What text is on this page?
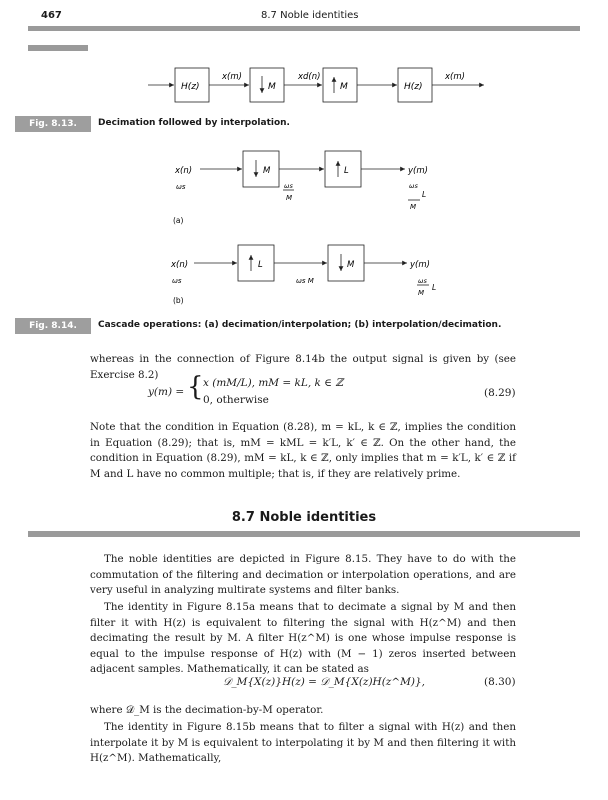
467	8.7 Noble identities
H(z)	M	M	H(z)
x(m)	xd(n)	x(m)
Fig. 8.13.	Decimation followed by interpolation.
x(n)	M	L	y(m)
ωs	ωs
M
ωs
L
M
(a)
x(n)	L	M	y(m)
ωs	ωs M	ωs
L
M
(b)
Fig. 8.14.	Cascade operations: (a) decimation/interpolation; (b) interpolation/decimation.

whereas in the connection of Figure 8.14b the output signal is given by (see Exercise 8.2)

y(m) = { x (mM/L), mM = kL, k ∈ ℤ
0, otherwise
(8.29)

Note that the condition in Equation (8.28), m = kL, k ∈ ℤ, implies the condition in Equation (8.29); that is, mM = kML = k′L, k′ ∈ ℤ. On the other hand, the condition in Equation (8.29), mM = kL, k ∈ ℤ, only implies that m = k′L, k′ ∈ ℤ if M and L have no common multiple; that is, if they are relatively prime.

8.7 Noble identities

The noble identities are depicted in Figure 8.15. They have to do with the commutation of the filtering and decimation or interpolation operations, and are very useful in analyzing multirate systems and filter banks.

The identity in Figure 8.15a means that to decimate a signal by M and then filter it with H(z) is equivalent to filtering the signal with H(z^M) and then decimating the result by M. A filter H(z^M) is one whose impulse response is equal to the impulse response of H(z) with (M − 1) zeros inserted between adjacent samples. Mathematically, it can be stated as

𝒟_M{X(z)}H(z) = 𝒟_M{X(z)H(z^M)},	(8.30)

where 𝒟_M is the decimation-by-M operator.

The identity in Figure 8.15b means that to filter a signal with H(z) and then interpolate it by M is equivalent to interpolating it by M and then filtering it with H(z^M). Mathematically,
